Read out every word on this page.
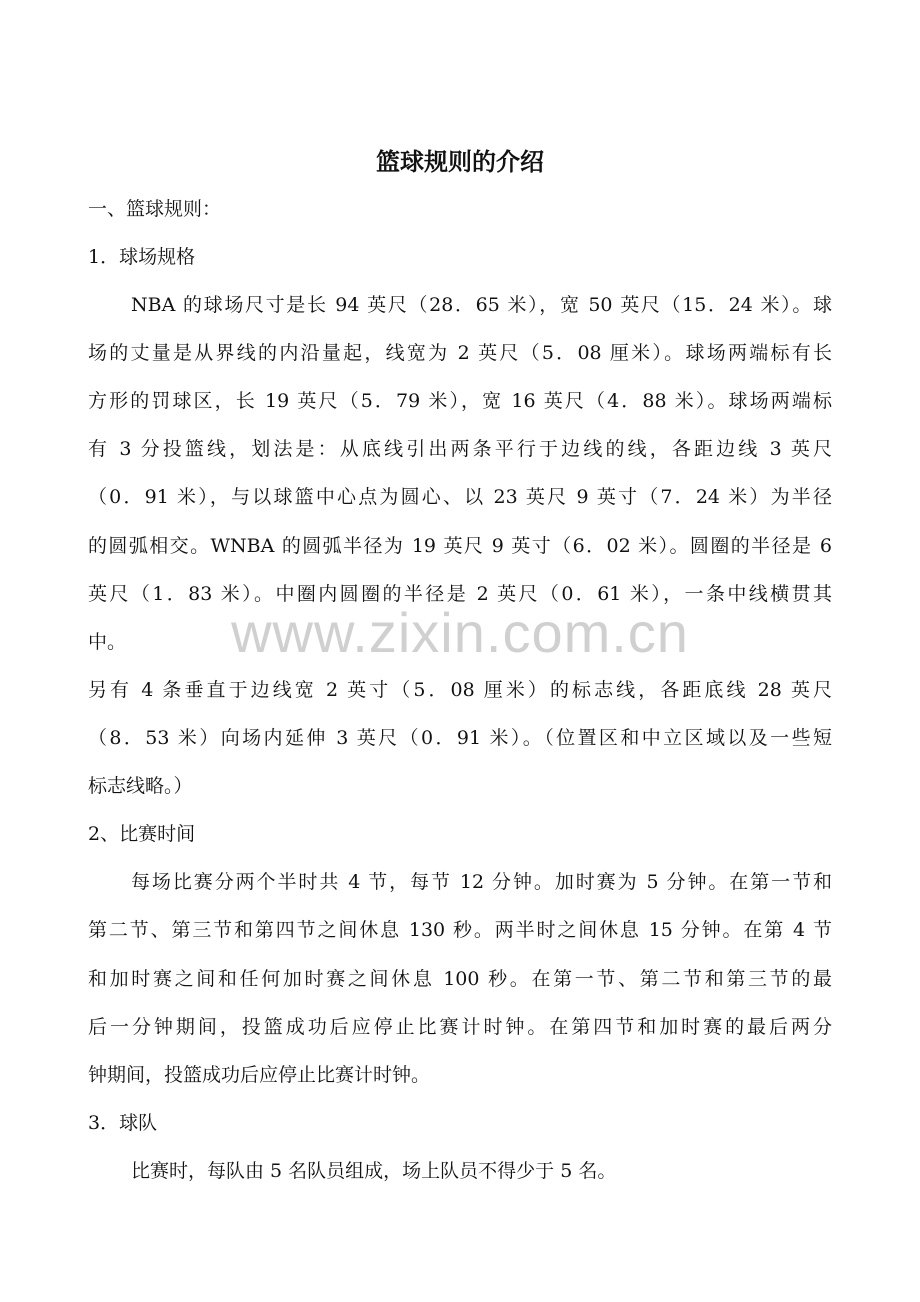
篮球规则的介绍

一、篮球规则：

1．球场规格

NBA 的球场尺寸是长 94 英尺（28．65 米），宽 50 英尺（15．24 米）。球

场的丈量是从界线的内沿量起，线宽为 2 英尺（5．08 厘米）。球场两端标有长

方形的罚球区，长 19 英尺（5．79 米），宽 16 英尺（4．88 米）。球场两端标

有 3 分投篮线，划法是：从底线引出两条平行于边线的线，各距边线 3 英尺

（0．91 米），与以球篮中心点为圆心、以 23 英尺 9 英寸（7．24 米）为半径

的圆弧相交。WNBA 的圆弧半径为 19 英尺 9 英寸（6．02 米）。圆圈的半径是 6

英尺（1．83 米）。中圈内圆圈的半径是 2 英尺（0．61 米），一条中线横贯其

中。

另有 4 条垂直于边线宽 2 英寸（5．08 厘米）的标志线，各距底线 28 英尺

（8．53 米）向场内延伸 3 英尺（0．91 米）。（位置区和中立区域以及一些短

标志线略。）

2、比赛时间

每场比赛分两个半时共 4 节，每节 12 分钟。加时赛为 5 分钟。在第一节和

第二节、第三节和第四节之间休息 130 秒。两半时之间休息 15 分钟。在第 4 节

和加时赛之间和任何加时赛之间休息 100 秒。在第一节、第二节和第三节的最

后一分钟期间，投篮成功后应停止比赛计时钟。在第四节和加时赛的最后两分

钟期间，投篮成功后应停止比赛计时钟。

3．球队

比赛时，每队由 5 名队员组成，场上队员不得少于 5 名。

www.zixin.com.cn
